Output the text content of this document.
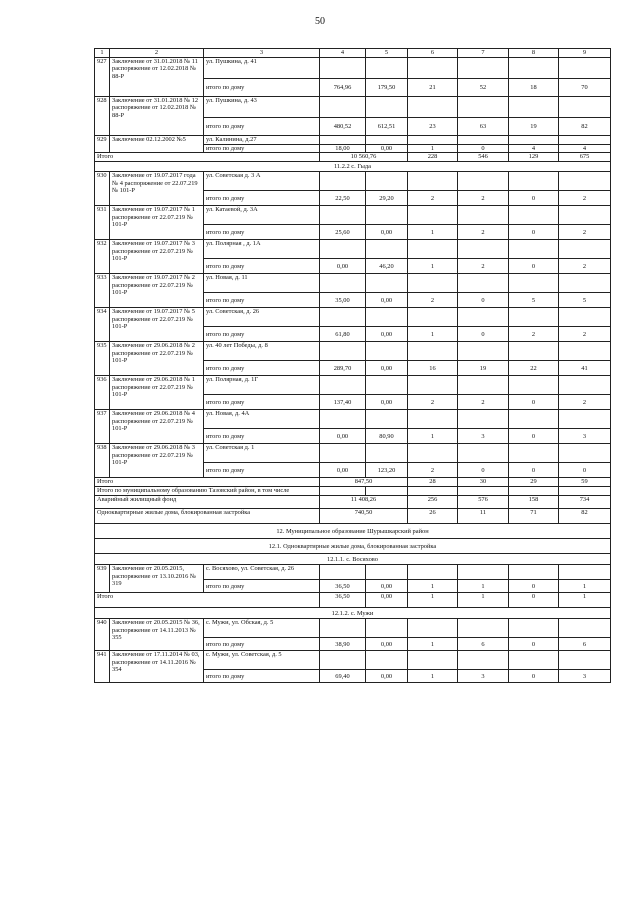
50
1	2	3	4	5	6	7	8	9
927	Заключение от 31.01.2018 № 11 распоряжение от 12.02.2018 № 88-Р	ул. Пушкина, д. 41						
		итого по дому	764,96	179,50	21	52	18	70
928	Заключение от 31.01.2018 № 12 распоряжение от 12.02.2018 № 88-Р	ул. Пушкина, д. 43						
		итого по дому	480,52	612,51	23	63	19	82
929	Заключение 02.12.2002 №5	ул. Калинина, д.27						
		итого по дому	18,00	0,00	1	0	4	4
Итого			10 560,76		228	546	129	675
11.2.2 с. Гыда								
930	Заключение от 19.07.2017 года № 4 распоряжение от 22.07.219 № 101-Р	ул. Советская д. 3 А						
		итого по дому	22,50	29,20	2	2	0	2
931	Заключение от 19.07.2017 № 1 распоряжение от 22.07.219 № 101-Р	ул. Катаевой, д. 3А						
		итого по дому	25,60	0,00	1	2	0	2
932	Заключение от 19.07.2017 № 3 распоряжение от 22.07.219 № 101-Р	ул. Полярная , д. 1А						
		итого по дому	0,00	46,20	1	2	0	2
933	Заключение от 19.07.2017 № 2 распоряжение от 22.07.219 № 101-Р	ул. Новая, д. 11						
		итого по дому	35,00	0,00	2	0	5	5
934	Заключение от 19.07.2017 № 5 распоряжение от 22.07.219 № 101-Р	ул. Советская, д. 26						
		итого по дому	61,80	0,00	1	0	2	2
935	Заключение от 29.06.2018 № 2 распоряжение от 22.07.219 № 101-Р	ул. 40 лет Победы, д. 8						
		итого по дому	289,70	0,00	16	19	22	41
936	Заключение от 29.06.2018 № 1 распоряжение от 22.07.219 № 101-Р	ул. Полярная, д. 1Г						
		итого по дому	137,40	0,00	2	2	0	2
937	Заключение от 29.06.2018 № 4 распоряжение от 22.07.219 № 101-Р	ул. Новая, д. 4А						
		итого по дому	0,00	80,90	1	3	0	3
938	Заключение от 29.06.2018 № 3 распоряжение от 22.07.219 № 101-Р	ул. Советская д. 1						
		итого по дому	0,00	123,20	2	0	0	0
Итого			847,50		28	30	29	59
Итого по муниципальному образованию Тазовский район, в том числе								
Аварийный жилищный фонд			11 408,26		256	576	158	734
Одноквартирные жилые дома, блокированная застройка			740,50		26	11	71	82
12. Муниципальное образование Шурышкарский район								
12.1. Одноквартирные жилые дома, блокированная застройка								
12.1.1. с. Восяхово								
939	Заключение от 20.05.2015, распоряжение от 13.10.2016 № 319	с. Восяхово, ул. Советская, д. 26						
		итого по дому	36,50	0,00	1	1	0	1
Итого			36,50	0,00	1	1	0	1
12.1.2. с. Мужи								
940	Заключение от 20.05.2015 № 36, распоряжение от 14.11.2013 № 355	с. Мужи, ул. Обская, д. 5						
		итого по дому	38,90	0,00	1	6	0	6
941	Заключение от 17.11.2014 № 03, распоряжение от 14.11.2016 № 354	с. Мужи, ул. Советская, д. 5						
		итого по дому	69,40	0,00	1	3	0	3
